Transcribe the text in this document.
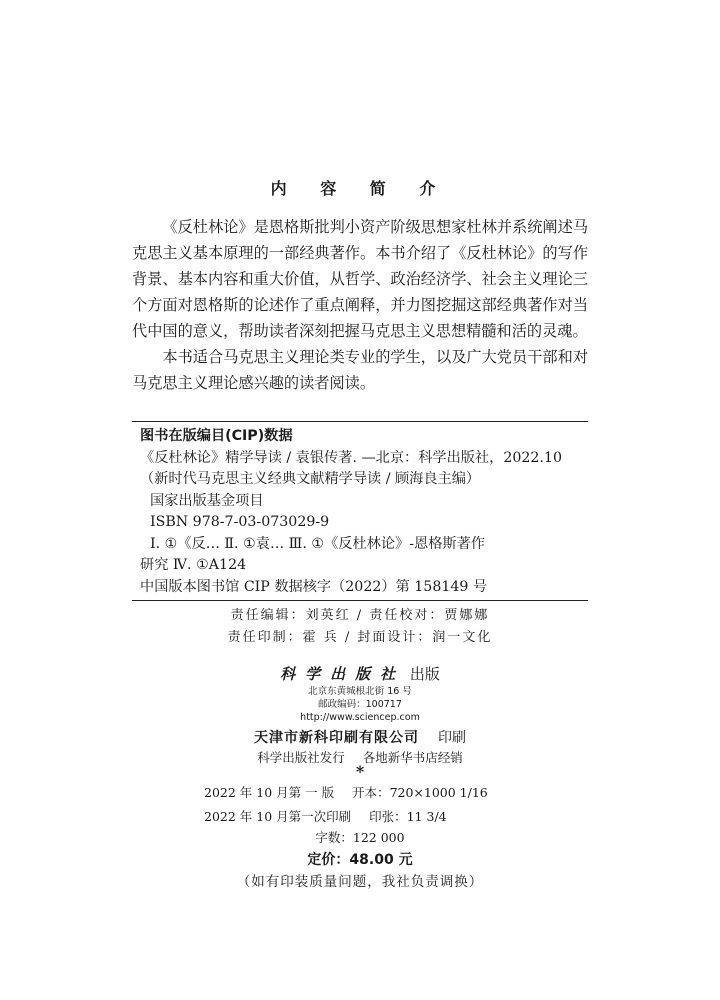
内 容 简 介
《反杜林论》是恩格斯批判小资产阶级思想家杜林并系统阐述马克思主义基本原理的一部经典著作。本书介绍了《反杜林论》的写作背景、基本内容和重大价值，从哲学、政治经济学、社会主义理论三个方面对恩格斯的论述作了重点阐释，并力图挖掘这部经典著作对当代中国的意义，帮助读者深刻把握马克思主义思想精髓和活的灵魂。
本书适合马克思主义理论类专业的学生，以及广大党员干部和对马克思主义理论感兴趣的读者阅读。
图书在版编目(CIP)数据
《反杜林论》精学导读 / 袁银传著. —北京：科学出版社，2022.10
（新时代马克思主义经典文献精学导读 / 顾海良主编）
国家出版基金项目
ISBN 978-7-03-073029-9
Ⅰ. ①《反… Ⅱ. ①袁… Ⅲ. ①《反杜林论》-恩格斯著作
研究 Ⅳ. ①A124
中国版本图书馆 CIP 数据核字（2022）第 158149 号
责任编辑：刘英红 / 责任校对：贾娜娜
责任印制：霍 兵 / 封面设计：润一文化
科学出版社 出版
北京东黄城根北街 16 号
邮政编码：100717
http://www.sciencep.com
天津市新科印刷有限公司 印刷
科学出版社发行 各地新华书店经销
*
2022 年 10 月第 一 版 开本：720×1000 1/16
2022 年 10 月第一次印刷 印张：11 3/4
字数：122 000
定价：48.00 元
（如有印装质量问题，我社负责调换）
